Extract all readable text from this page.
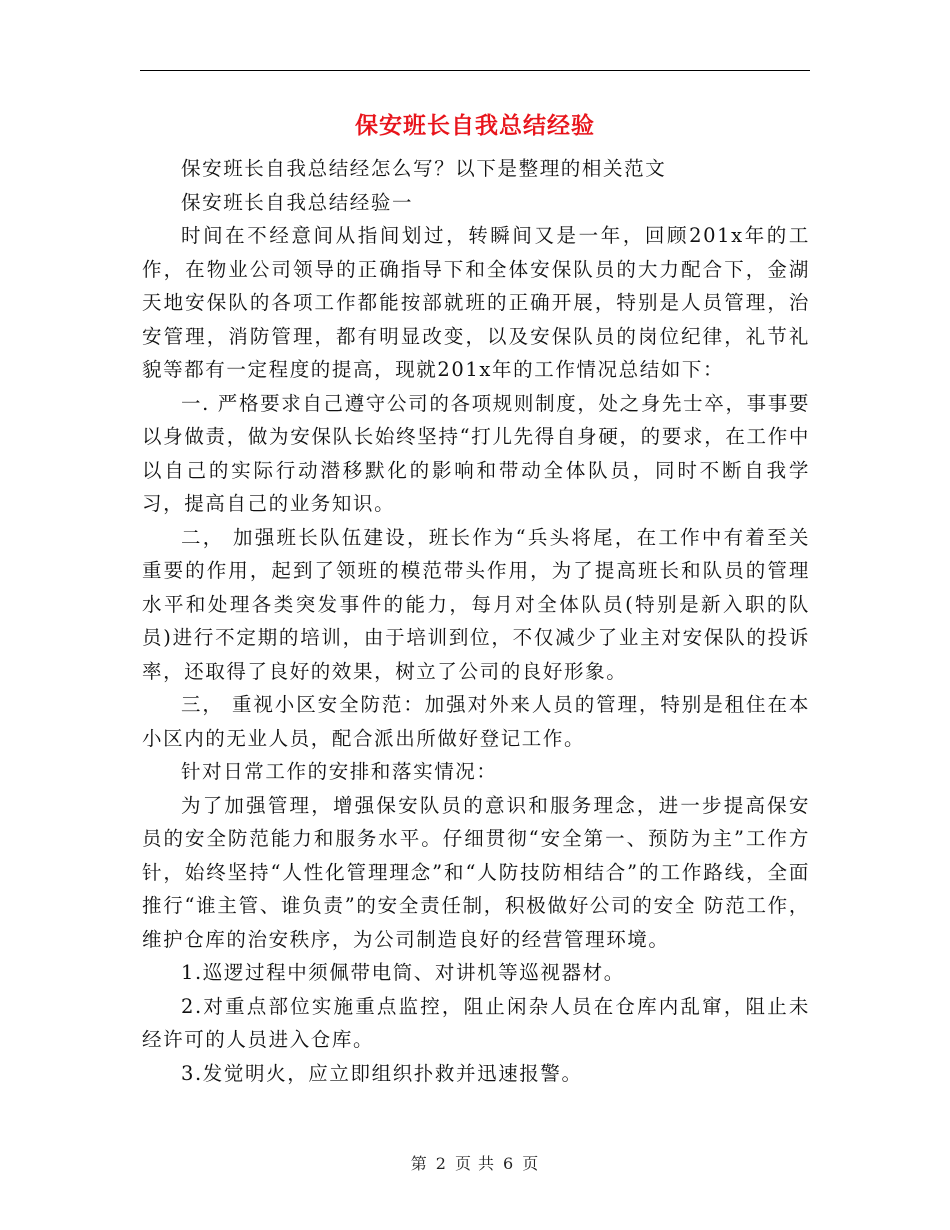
保安班长自我总结经验

保安班长自我总结经怎么写？以下是整理的相关范文

保安班长自我总结经验一

时间在不经意间从指间划过，转瞬间又是一年，回顾201x年的工作，在物业公司领导的正确指导下和全体安保队员的大力配合下，金湖天地安保队的各项工作都能按部就班的正确开展，特别是人员管理，治安管理，消防管理，都有明显改变，以及安保队员的岗位纪律，礼节礼貌等都有一定程度的提高，现就201x年的工作情况总结如下：

一. 严格要求自己遵守公司的各项规则制度，处之身先士卒，事事要以身做责，做为安保队长始终坚持“打儿先得自身硬，的要求，在工作中以自己的实际行动潜移默化的影响和带动全体队员，同时不断自我学习，提高自己的业务知识。

二， 加强班长队伍建设，班长作为“兵头将尾，在工作中有着至关重要的作用，起到了领班的模范带头作用，为了提高班长和队员的管理水平和处理各类突发事件的能力，每月对全体队员(特别是新入职的队员)进行不定期的培训，由于培训到位，不仅减少了业主对安保队的投诉率，还取得了良好的效果，树立了公司的良好形象。

三， 重视小区安全防范：加强对外来人员的管理，特别是租住在本小区内的无业人员，配合派出所做好登记工作。

针对日常工作的安排和落实情况：

为了加强管理，增强保安队员的意识和服务理念，进一步提高保安员的安全防范能力和服务水平。仔细贯彻“安全第一、预防为主”工作方针，始终坚持“人性化管理理念”和“人防技防相结合”的工作路线，全面推行“谁主管、谁负责”的安全责任制，积极做好公司的安全 防范工作，维护仓库的治安秩序，为公司制造良好的经营管理环境。

1.巡逻过程中须佩带电筒、对讲机等巡视器材。

2.对重点部位实施重点监控，阻止闲杂人员在仓库内乱窜，阻止未经许可的人员进入仓库。

3.发觉明火，应立即组织扑救并迅速报警。

第 2 页 共 6 页
